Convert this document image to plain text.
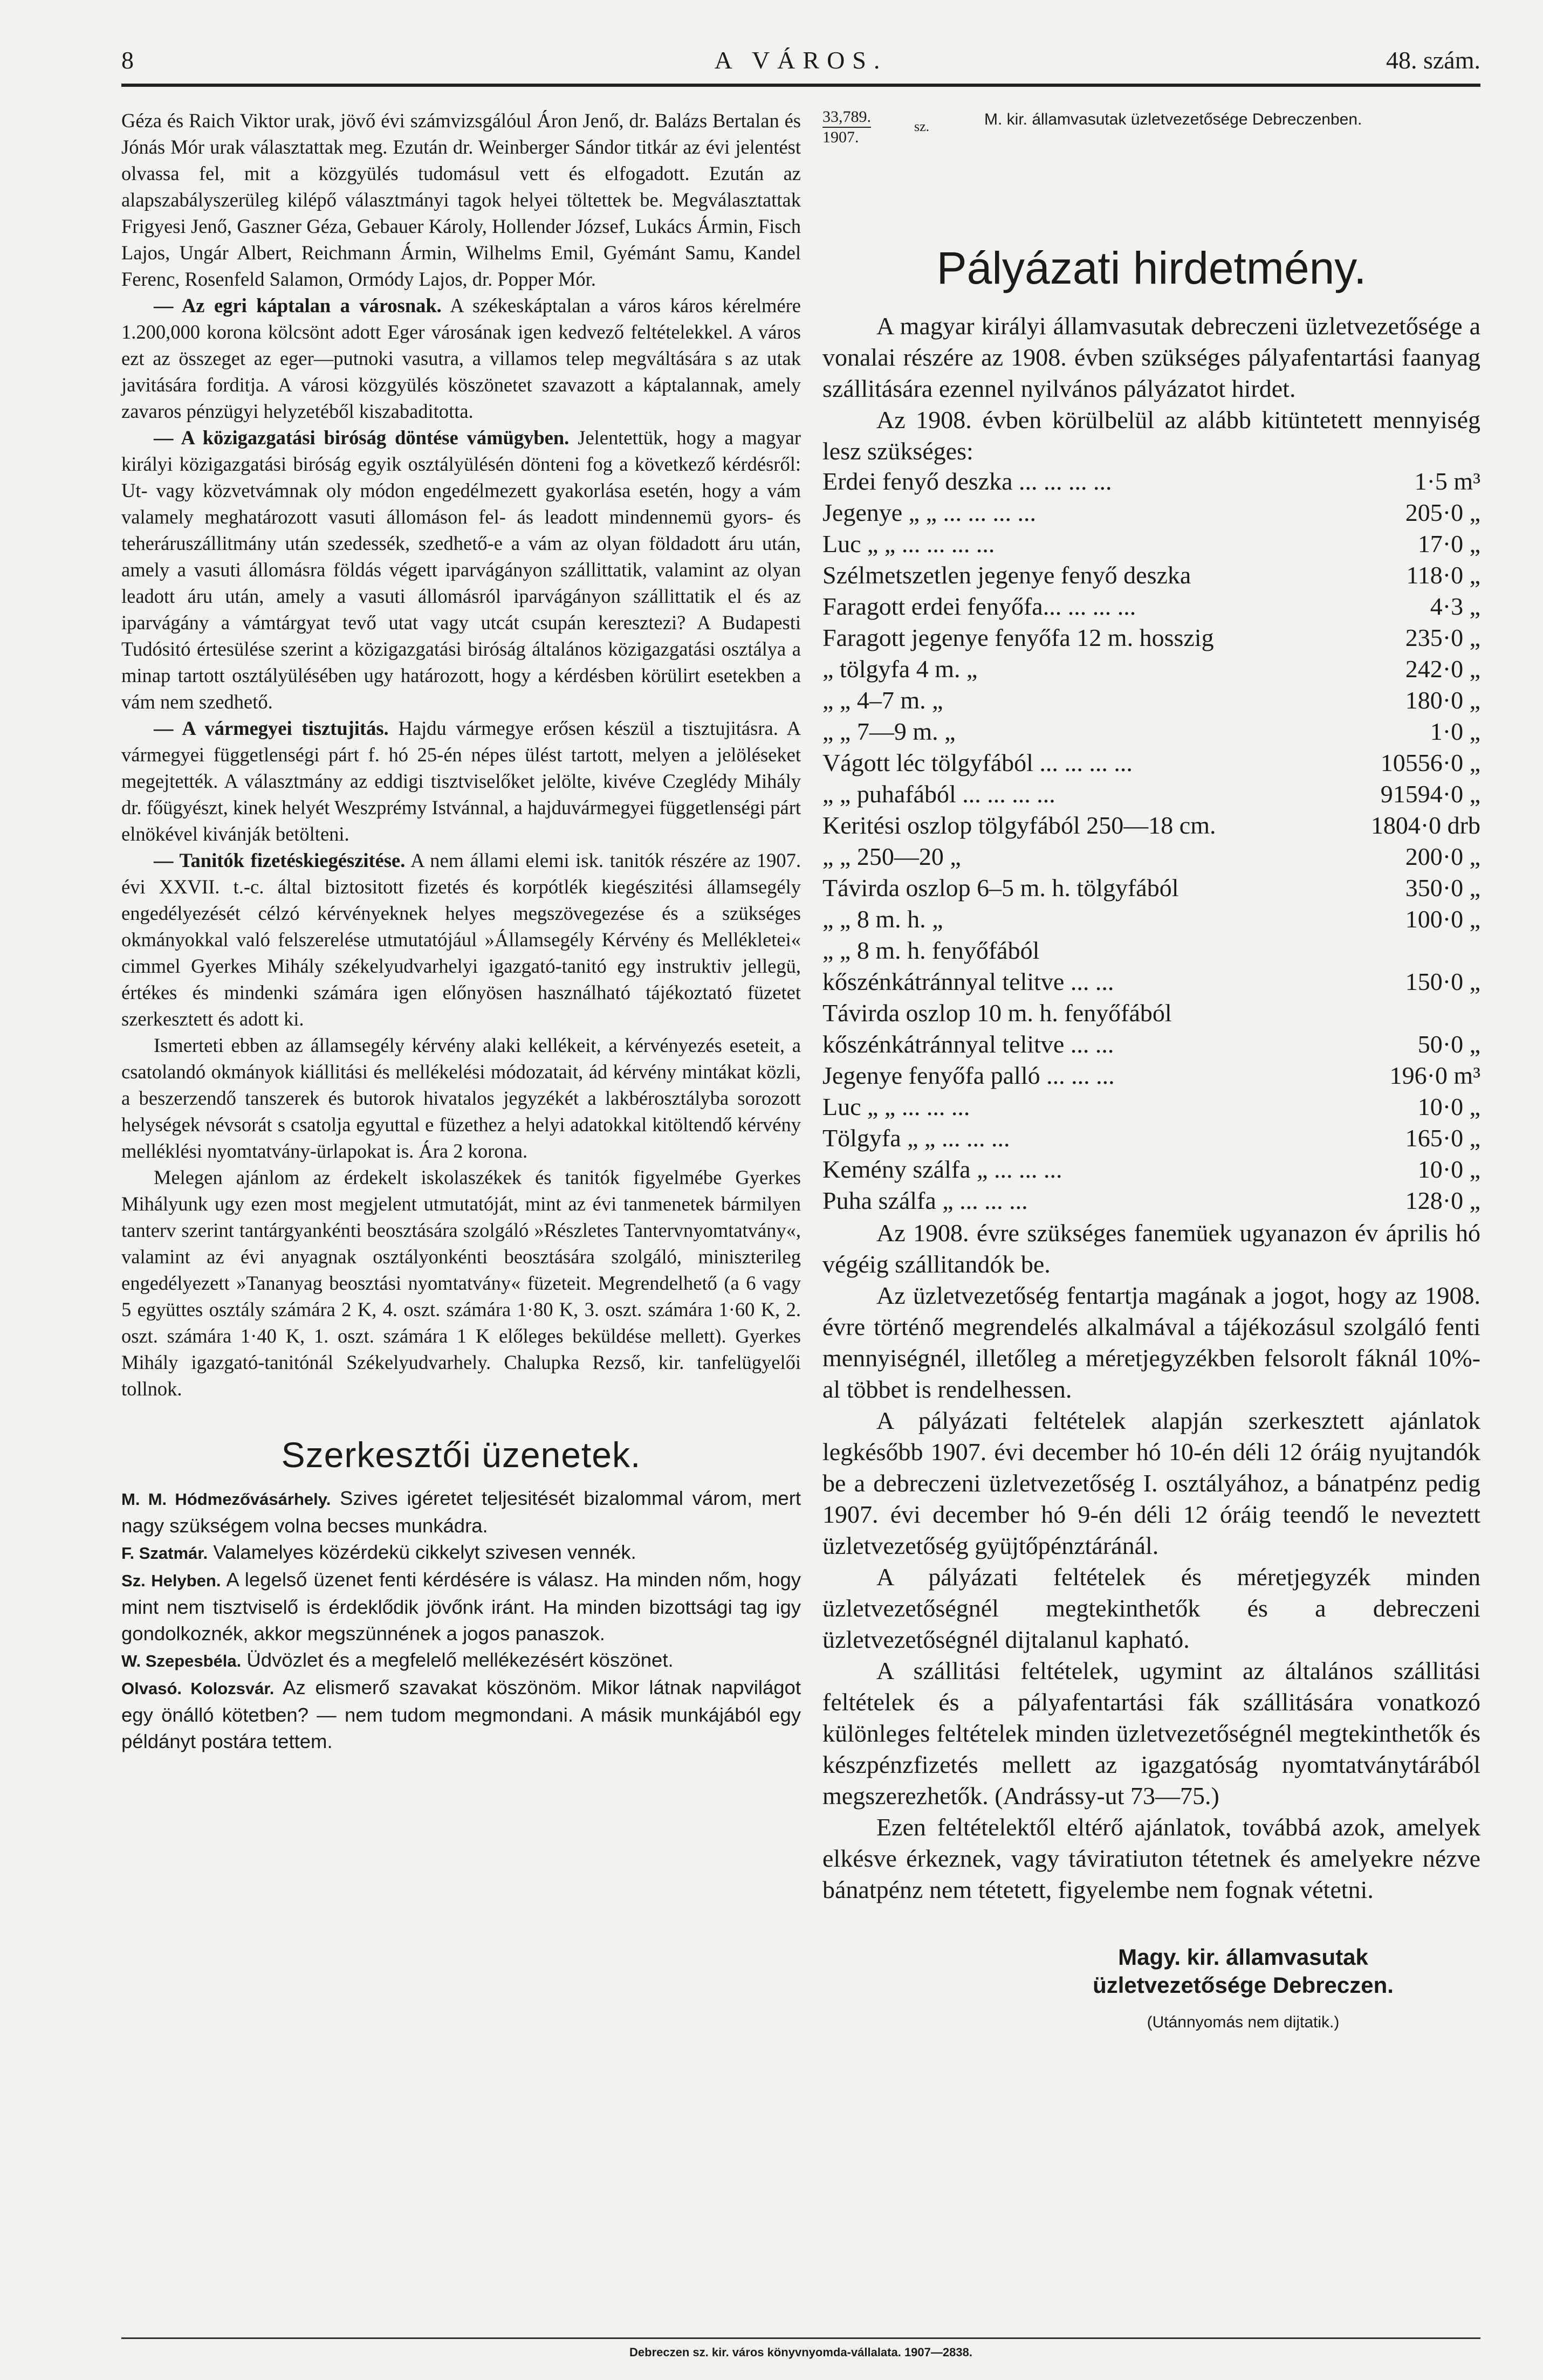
8	A VÁROS.	48. szám.

Géza és Raich Viktor urak, jövő évi számvizsgálóul Áron Jenő, dr. Balázs Bertalan és Jónás Mór urak választattak meg. Ezután dr. Weinberger Sándor titkár az évi jelentést olvassa fel, mit a közgyülés tudomásul vett és elfogadott. Ezután az alapszabályszerüleg kilépő választmányi tagok helyei töltettek be. Megválasztattak Frigyesi Jenő, Gaszner Géza, Gebauer Károly, Hollender József, Lukács Ármin, Fisch Lajos, Ungár Albert, Reichmann Ármin, Wilhelms Emil, Gyémánt Samu, Kandel Ferenc, Rosenfeld Salamon, Ormódy Lajos, dr. Popper Mór.

— Az egri káptalan a városnak. A székeskáptalan a város káros kérelmére 1.200,000 korona kölcsönt adott Eger városának igen kedvező feltételekkel. A város ezt az összeget az eger—putnoki vasutra, a villamos telep megváltására s az utak javitására forditja. A városi közgyülés köszönetet szavazott a káptalannak, amely zavaros pénzügyi helyzetéből kiszabaditotta.

— A közigazgatási biróság döntése vámügyben. Jelentettük, hogy a magyar királyi közigazgatási biróság egyik osztályülésén dönteni fog a következő kérdésről: Ut- vagy közvetvámnak oly módon engedélmezett gyakorlása esetén, hogy a vám valamely meghatározott vasuti állomáson fel- ás leadott mindennemü gyors- és teheráruszállitmány után szedessék, szedhető-e a vám az olyan földadott áru után, amely a vasuti állomásra földás végett iparvágányon szállittatik, valamint az olyan leadott áru után, amely a vasuti állomásról iparvágányon szállittatik el és az iparvágány a vámtárgyat tevő utat vagy utcát csupán keresztezi? A Budapesti Tudósitó értesülése szerint a közigazgatási biróság általános közigazgatási osztálya a minap tartott osztályülésében ugy határozott, hogy a kérdésben körülirt esetekben a vám nem szedhető.

— A vármegyei tisztujitás. Hajdu vármegye erősen készül a tisztujitásra. A vármegyei függetlenségi párt f. hó 25-én népes ülést tartott, melyen a jelöléseket megejtették. A választmány az eddigi tisztviselőket jelölte, kivéve Czeglédy Mihály dr. főügyészt, kinek helyét Weszprémy Istvánnal, a hajduvármegyei függetlenségi párt elnökével kivánják betölteni.

— Tanitók fizetéskiegészitése. A nem állami elemi isk. tanitók részére az 1907. évi XXVII. t.-c. által biztositott fizetés és korpótlék kiegészitési államsegély engedélyezését célzó kérvényeknek helyes megszövegezése és a szükséges okmányokkal való felszerelése utmutatójául »Államsegély Kérvény és Mellékletei« cimmel Gyerkes Mihály székelyudvarhelyi igazgató-tanitó egy instruktiv jellegü, értékes és mindenki számára igen előnyösen használható tájékoztató füzetet szerkesztett és adott ki.

Ismerteti ebben az államsegély kérvény alaki kellékeit, a kérvényezés eseteit, a csatolandó okmányok kiállitási és mellékelési módozatait, ád kérvény mintákat közli, a beszerzendő tanszerek és butorok hivatalos jegyzékét a lakbérosztályba sorozott helységek névsorát s csatolja egyuttal e füzethez a helyi adatokkal kitöltendő kérvény melléklési nyomtatvány-ürlapokat is. Ára 2 korona.

Melegen ajánlom az érdekelt iskolaszékek és tanitók figyelmébe Gyerkes Mihályunk ugy ezen most megjelent utmutatóját, mint az évi tanmenetek bármilyen tanterv szerint tantárgyankénti beosztására szolgáló »Részletes Tantervnyomtatvány«, valamint az évi anyagnak osztályonkénti beosztására szolgáló, miniszterileg engedélyezett »Tananyag beosztási nyomtatvány« füzeteit. Megrendelhető (a 6 vagy 5 együttes osztály számára 2 K, 4. oszt. számára 1·80 K, 3. oszt. számára 1·60 K, 2. oszt. számára 1·40 K, 1. oszt. számára 1 K előleges beküldése mellett). Gyerkes Mihály igazgató-tanitónál Székelyudvarhely. Chalupka Rezső, kir. tanfelügyelői tollnok.

Szerkesztői üzenetek.

M. M. Hódmezővásárhely. Szives igéretet teljesitését bizalommal várom, mert nagy szükségem volna becses munkádra.

F. Szatmár. Valamelyes közérdekü cikkelyt szivesen vennék.

Sz. Helyben. A legelső üzenet fenti kérdésére is válasz. Ha minden nőm, hogy mint nem tisztviselő is érdeklődik jövőnk iránt. Ha minden bizottsági tag igy gondolkoznék, akkor megszünnének a jogos panaszok.

W. Szepesbéla. Üdvözlet és a megfelelő mellékezésért köszönet.

Olvasó. Kolozsvár. Az elismerő szavakat köszönöm. Mikor látnak napvilágot egy önálló kötetben? — nem tudom megmondani. A másik munkájából egy példányt postára tettem.

33,789.
sz.

1907.
M. kir. államvasutak üzletvezetősége Debreczenben.
Pályázati hirdetmény.

A magyar királyi államvasutak debreczeni üzletvezetősége a vonalai részére az 1908. évben szükséges pályafentartási faanyag szállitására ezennel nyilvános pályázatot hirdet.

Az 1908. évben körülbelül az alább kitüntetett mennyiség lesz szükséges:

Erdei fenyő deszka ... ... ... ...	1·5 m³
Jegenye „ „ ... ... ... ...	205·0 „
Luc „ „ ... ... ... ...	17·0 „
Szélmetszetlen jegenye fenyő deszka	118·0 „
Faragott erdei fenyőfa... ... ... ...	4·3 „
Faragott jegenye fenyőfa 12 m. hosszig	235·0 „
„ tölgyfa 4 m. „	242·0 „
„ „ 4–7 m. „	180·0 „
„ „ 7—9 m. „	1·0 „
Vágott léc tölgyfából ... ... ... ...	10556·0 „
„ „ puhafából ... ... ... ...	91594·0 „
Keritési oszlop tölgyfából 250—18 cm.	1804·0 drb
„ „ 250—20 „	200·0 „
Távirda oszlop 6–5 m. h. tölgyfából	350·0 „
„ „ 8 m. h. „	100·0 „
„ „ 8 m. h. fenyőfából	
kőszénkátránnyal telitve ... ...	150·0 „
Távirda oszlop 10 m. h. fenyőfából	
kőszénkátránnyal telitve ... ...	50·0 „
Jegenye fenyőfa palló ... ... ...	196·0 m³
Luc „ „ ... ... ...	10·0 „
Tölgyfa „ „ ... ... ...	165·0 „
Kemény szálfa „ ... ... ...	10·0 „
Puha szálfa „ ... ... ...	128·0 „

Az 1908. évre szükséges fanemüek ugyanazon év április hó végéig szállitandók be.

Az üzletvezetőség fentartja magának a jogot, hogy az 1908. évre történő megrendelés alkalmával a tájékozásul szolgáló fenti mennyiségnél, illetőleg a méretjegyzékben felsorolt fáknál 10%-al többet is rendelhessen.

A pályázati feltételek alapján szerkesztett ajánlatok legkésőbb 1907. évi december hó 10-én déli 12 óráig nyujtandók be a debreczeni üzletvezetőség I. osztályához, a bánatpénz pedig 1907. évi december hó 9-én déli 12 óráig teendő le neveztett üzletvezetőség gyüjtőpénztáránál.

A pályázati feltételek és méretjegyzék minden üzletvezetőségnél megtekinthetők és a debreczeni üzletvezetőségnél dijtalanul kapható.

A szállitási feltételek, ugymint az általános szállitási feltételek és a pályafentartási fák szállitására vonatkozó különleges feltételek minden üzletvezetőségnél megtekinthetők és készpénzfizetés mellett az igazgatóság nyomtatványtárából megszerezhetők. (Andrássy-ut 73—75.)

Ezen feltételektől eltérő ajánlatok, továbbá azok, amelyek elkésve érkeznek, vagy táviratiuton tétetnek és amelyekre nézve bánatpénz nem tétetett, figyelembe nem fognak vétetni.

Magy. kir. államvasutak
üzletvezetősége Debreczen.
(Utánnyomás nem dijtatik.)
Debreczen sz. kir. város könyvnyomda-vállalata. 1907—2838.
